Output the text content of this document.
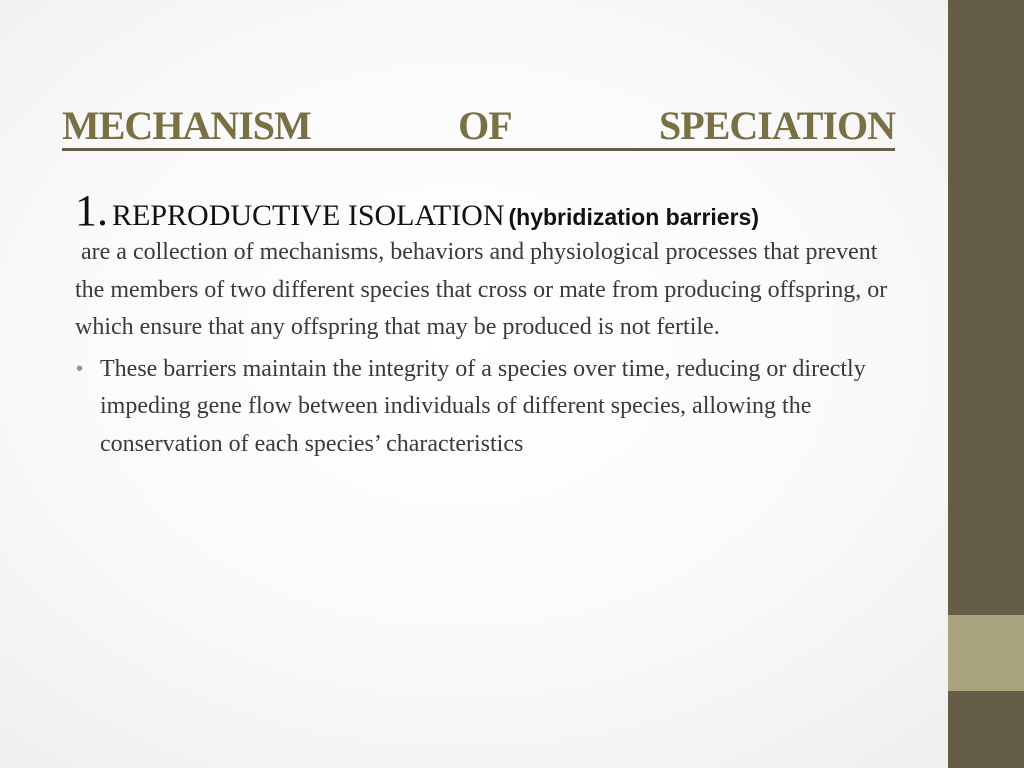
MECHANISM	OF	SPECIATION
1. REPRODUCTIVE ISOLATION (hybridization barriers)
are a collection of mechanisms, behaviors and physiological processes that prevent the members of two different species that cross or mate from producing offspring, or which ensure that any offspring that may be produced is not fertile.
• These barriers maintain the integrity of a species over time, reducing or directly impeding gene flow between individuals of different species, allowing the conservation of each species’ characteristics
